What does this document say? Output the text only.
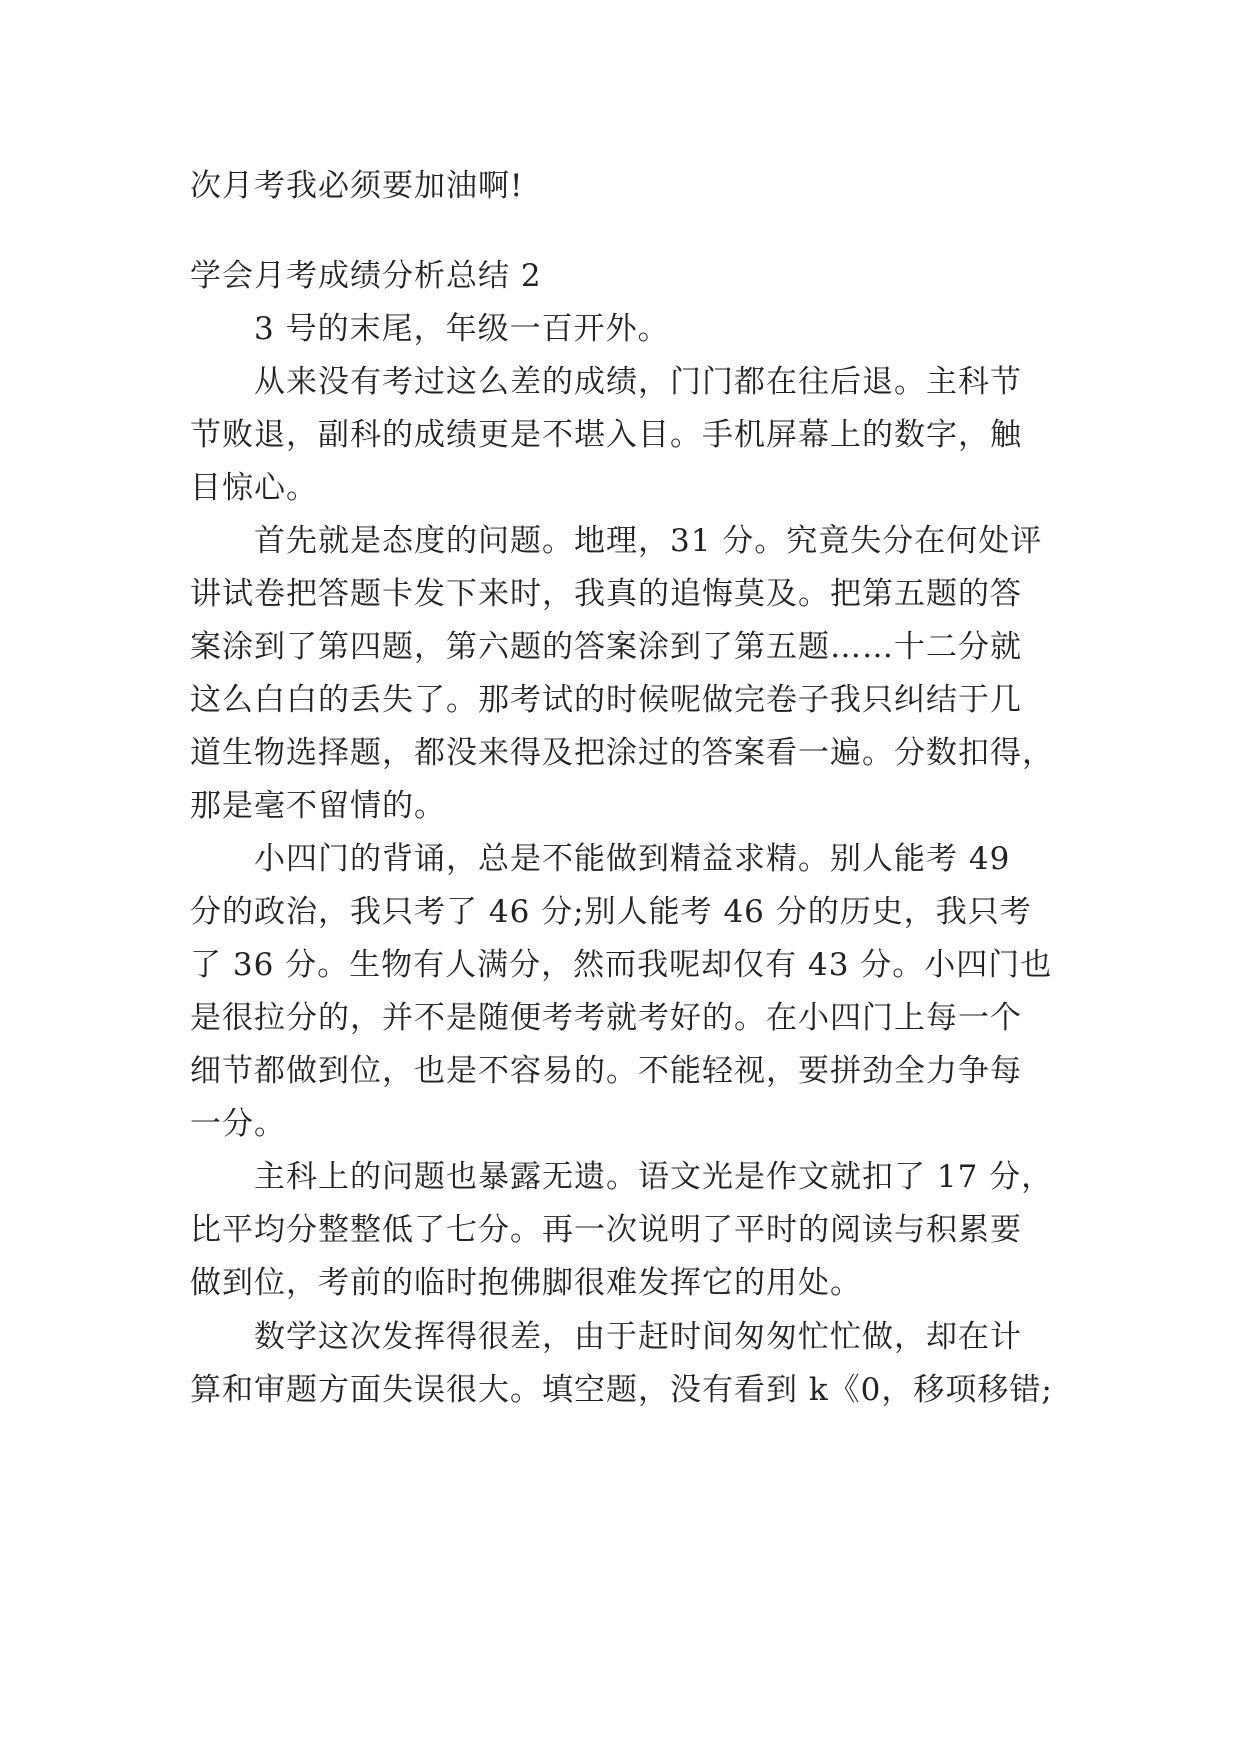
次月考我必须要加油啊!
学会月考成绩分析总结 2
3 号的末尾，年级一百开外。
从来没有考过这么差的成绩，门门都在往后退。主科节
节败退，副科的成绩更是不堪入目。手机屏幕上的数字，触
目惊心。
首先就是态度的问题。地理，31 分。究竟失分在何处评
讲试卷把答题卡发下来时，我真的追悔莫及。把第五题的答
案涂到了第四题，第六题的答案涂到了第五题……十二分就
这么白白的丢失了。那考试的时候呢做完卷子我只纠结于几
道生物选择题，都没来得及把涂过的答案看一遍。分数扣得，
那是毫不留情的。
小四门的背诵，总是不能做到精益求精。别人能考 49
分的政治，我只考了 46 分;别人能考 46 分的历史，我只考
了 36 分。生物有人满分，然而我呢却仅有 43 分。小四门也
是很拉分的，并不是随便考考就考好的。在小四门上每一个
细节都做到位，也是不容易的。不能轻视，要拼劲全力争每
一分。
主科上的问题也暴露无遗。语文光是作文就扣了 17 分，
比平均分整整低了七分。再一次说明了平时的阅读与积累要
做到位，考前的临时抱佛脚很难发挥它的用处。
数学这次发挥得很差，由于赶时间匆匆忙忙做，却在计
算和审题方面失误很大。填空题，没有看到 k《0，移项移错;
